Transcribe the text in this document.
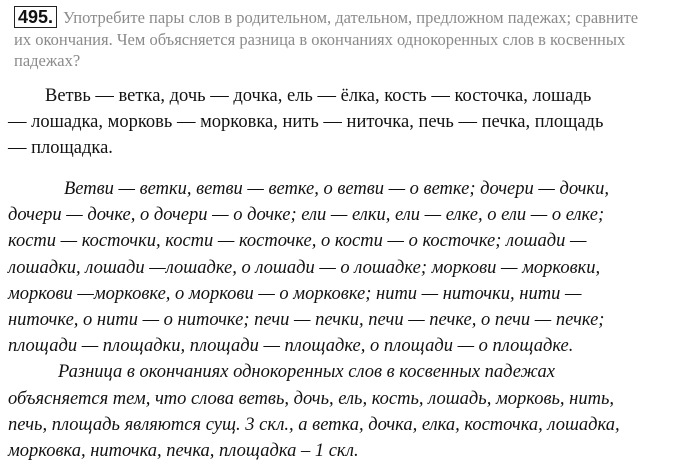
495. Употребите пары слов в родительном, дательном, предложном падежах; сравните
их окончания. Чем объясняется разница в окончаниях однокоренных слов в косвенных
падежах?
Ветвь — ветка, дочь — дочка, ель — ёлка, кость — косточка, лошадь
— лошадка, морковь — морковка, нить — ниточка, печь — печка, площадь
— площадка.
Ветви — ветки, ветви — ветке, о ветви — о ветке; дочери — дочки,
дочери — дочке, о дочери — о дочке; ели — елки, ели — елке, о ели — о елке;
кости — косточки, кости — косточке, о кости — о косточке; лошади —
лошадки, лошади —лошадке, о лошади — о лошадке; моркови — морковки,
моркови —морковке, о моркови — о морковке; нити — ниточки, нити —
ниточке, о нити — о ниточке; печи — печки, печи — печке, о печи — печке;
площади — площадки, площади — площадке, о площади — о площадке.
Разница в окончаниях однокоренных слов в косвенных падежах
объясняется тем, что слова ветвь, дочь, ель, кость, лошадь, морковь, нить,
печь, площадь являются сущ. 3 скл., а ветка, дочка, елка, косточка, лошадка,
морковка, ниточка, печка, площадка – 1 скл.
